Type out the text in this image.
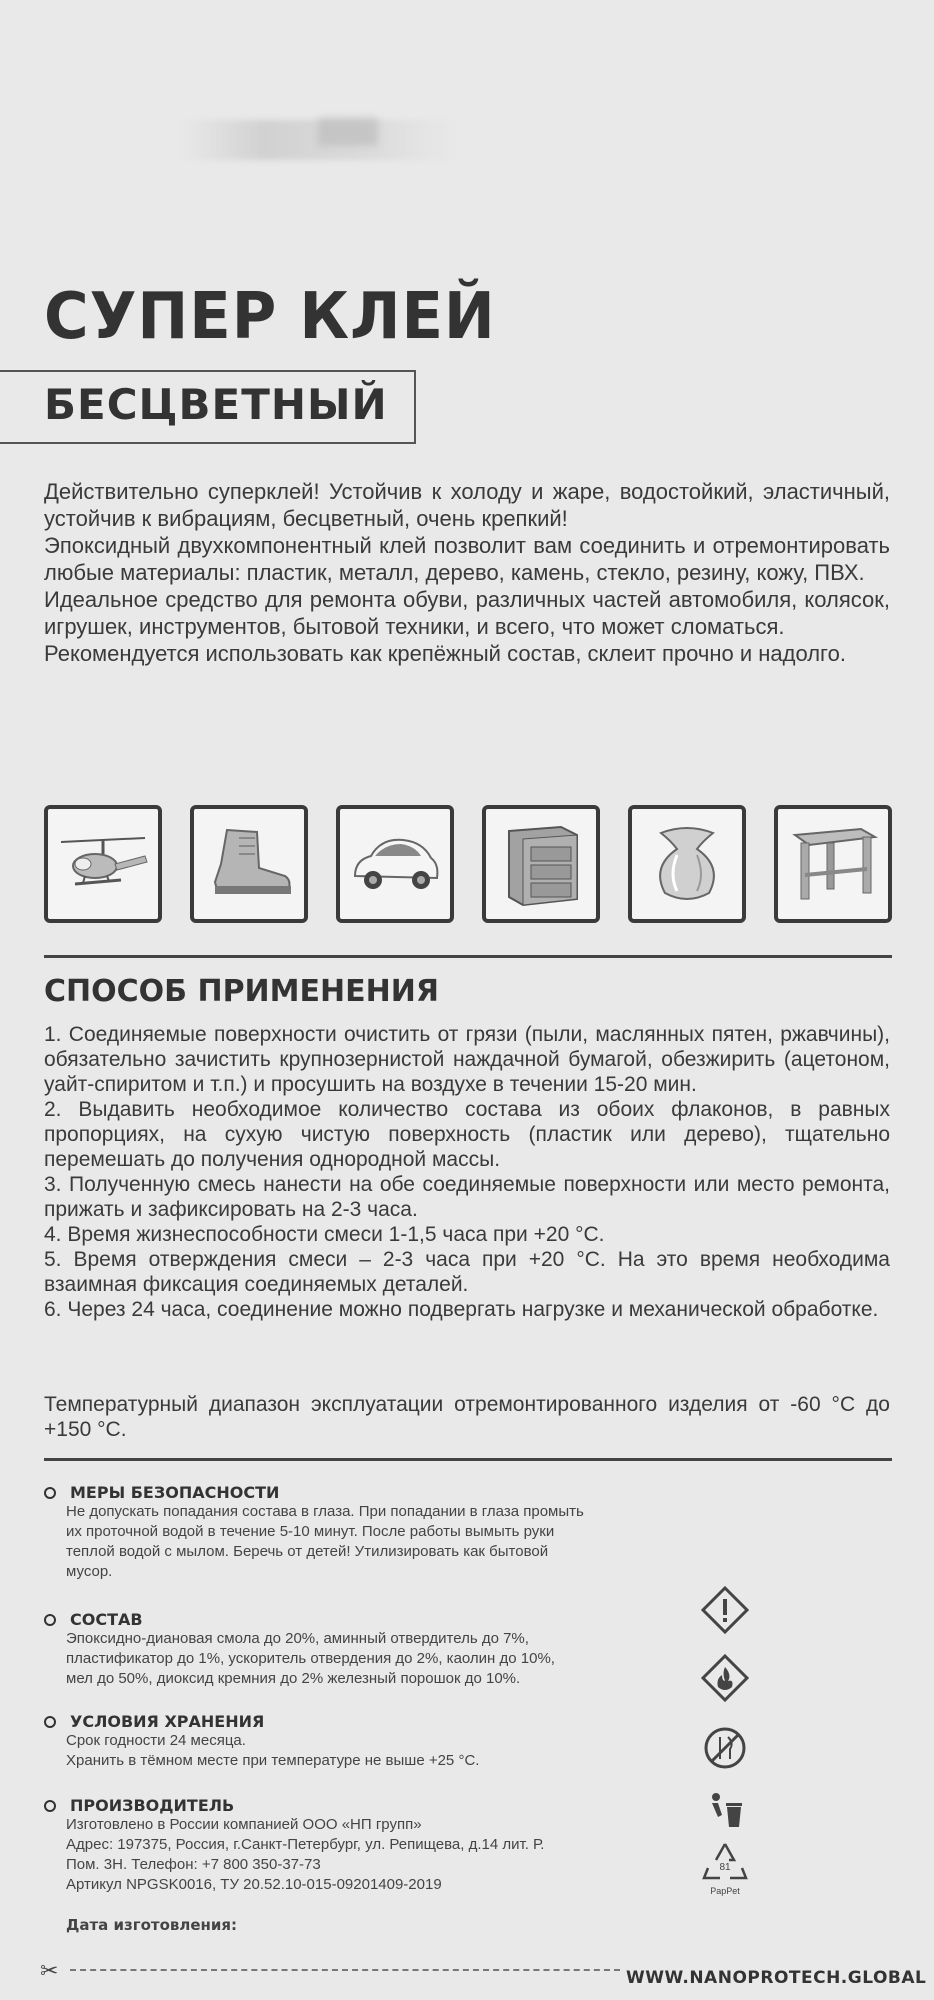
СУПЕР КЛЕЙ
БЕСЦВЕТНЫЙ

Действительно суперклей! Устойчив к холоду и жаре, водостойкий, эластичный, устойчив к вибрациям, бесцветный, очень крепкий!

Эпоксидный двухкомпонентный клей позволит вам соединить и отремонтировать любые материалы: пластик, металл, дерево, камень, стекло, резину, кожу, ПВХ.

Идеальное средство для ремонта обуви, различных частей автомобиля, колясок, игрушек, инструментов, бытовой техники, и всего, что может сломаться.

Рекомендуется использовать как крепёжный состав, склеит прочно и надолго.

СПОСОБ ПРИМЕНЕНИЯ

1. Соединяемые поверхности очистить от грязи (пыли, маслянных пятен, ржавчины), обязательно зачистить крупнозернистой наждачной бумагой, обезжирить (ацетоном, уайт-спиритом и т.п.) и просушить на воздухе в течении 15-20 мин.

2. Выдавить необходимое количество состава из обоих флаконов, в равных пропорциях, на сухую чистую поверхность (пластик или дерево), тщательно перемешать до получения однородной массы.

3. Полученную смесь нанести на обе соединяемые поверхности или место ремонта, прижать и зафиксировать на 2-3 часа.

4. Время жизнеспособности смеси 1-1,5 часа при +20 °С.

5. Время отверждения смеси – 2-3 часа при +20 °С. На это время необходима взаимная фиксация соединяемых деталей.

6. Через 24 часа, соединение можно подвергать нагрузке и механической обработке.

Температурный диапазон эксплуатации отремонтированного изделия от -60 °С до +150 °С.
МЕРЫ БЕЗОПАСНОСТИ
Не допускать попадания состава в глаза. При попадании в глаза промыть
их проточной водой в течение 5-10 минут. После работы вымыть руки
теплой водой с мылом. Беречь от детей! Утилизировать как бытовой
мусор.
СОСТАВ
Эпоксидно-диановая смола до 20%, аминный отвердитель до 7%,
пластификатор до 1%, ускоритель отвердения до 2%, каолин до 10%,
мел до 50%, диоксид кремния до 2% железный порошок до 10%.
УСЛОВИЯ ХРАНЕНИЯ
Срок годности 24 месяца.
Хранить в тёмном месте при температуре не выше +25 °С.
ПРОИЗВОДИТЕЛЬ
Изготовлено в России компанией ООО «НП групп»
Адрес: 197375, Россия, г.Санкт-Петербург, ул. Репищева, д.14 лит. Р.
Пом. 3Н. Телефон: +7 800 350-37-73
Артикул NPGSK0016, ТУ 20.52.10-015-09201409-2019
81
PapPet
Дата изготовления:
✂	WWW.NANOPROTECH.GLOBAL
